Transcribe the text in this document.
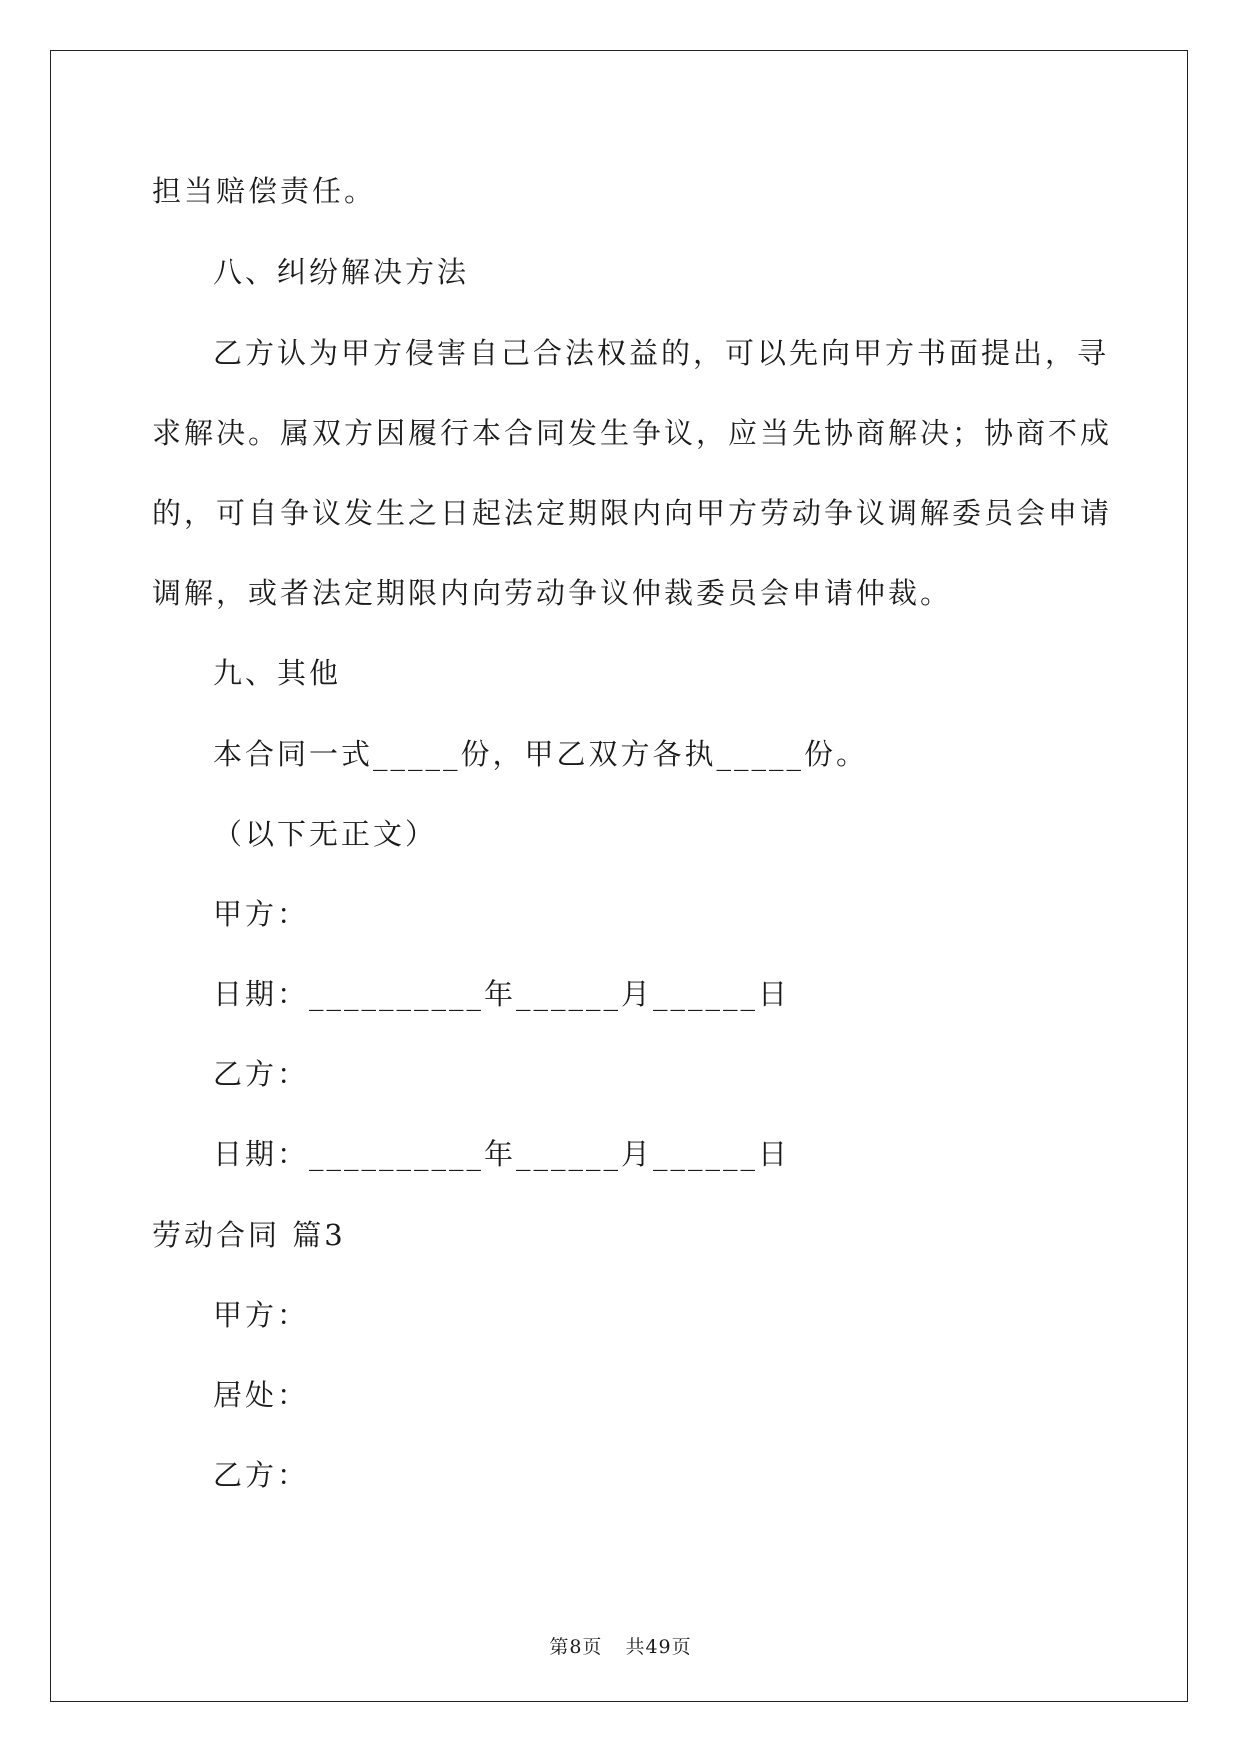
担当赔偿责任。
八、纠纷解决方法
乙方认为甲方侵害自己合法权益的，可以先向甲方书面提出，寻
求解决。属双方因履行本合同发生争议，应当先协商解决；协商不成
的，可自争议发生之日起法定期限内向甲方劳动争议调解委员会申请
调解，或者法定期限内向劳动争议仲裁委员会申请仲裁。
九、其他
本合同一式_____份，甲乙双方各执_____份。
（以下无正文）
甲方：
日期：__________年______月______日
乙方：
日期：__________年______月______日
劳动合同 篇3
甲方：
居处：
乙方：
第8页 共49页
